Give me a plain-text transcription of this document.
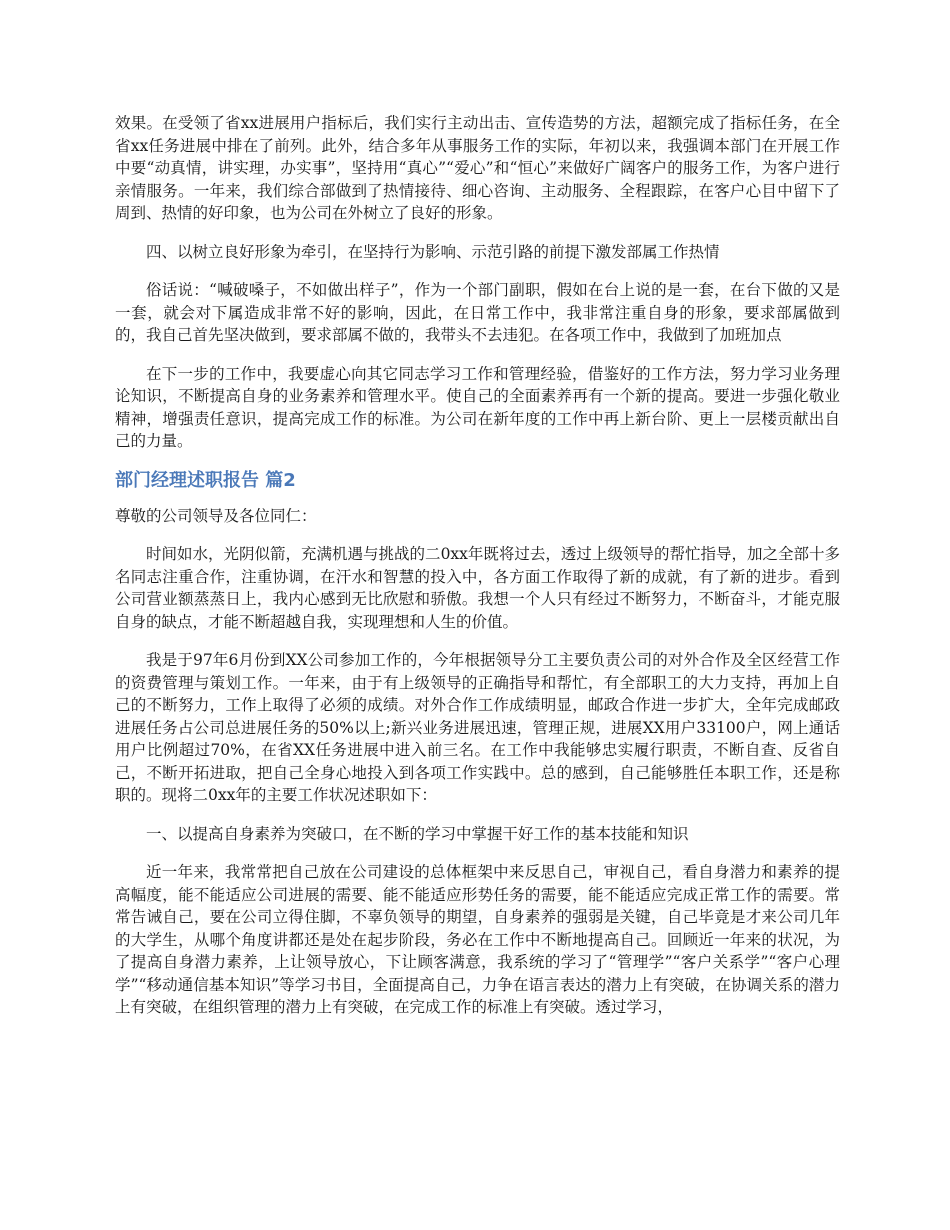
效果。在受领了省xx进展用户指标后，我们实行主动出击、宣传造势的方法，超额完成了指标任务，在全省xx任务进展中排在了前列。此外，结合多年从事服务工作的实际，年初以来，我强调本部门在开展工作中要“动真情，讲实理，办实事”，坚持用“真心”“爱心”和“恒心”来做好广阔客户的服务工作，为客户进行亲情服务。一年来，我们综合部做到了热情接待、细心咨询、主动服务、全程跟踪，在客户心目中留下了周到、热情的好印象，也为公司在外树立了良好的形象。

四、以树立良好形象为牵引，在坚持行为影响、示范引路的前提下激发部属工作热情

俗话说：“喊破嗓子，不如做出样子”，作为一个部门副职，假如在台上说的是一套，在台下做的又是一套，就会对下属造成非常不好的影响，因此，在日常工作中，我非常注重自身的形象，要求部属做到的，我自己首先坚决做到，要求部属不做的，我带头不去违犯。在各项工作中，我做到了加班加点

在下一步的工作中，我要虚心向其它同志学习工作和管理经验，借鉴好的工作方法，努力学习业务理论知识，不断提高自身的业务素养和管理水平。使自己的全面素养再有一个新的提高。要进一步强化敬业精神，增强责任意识，提高完成工作的标准。为公司在新年度的工作中再上新台阶、更上一层楼贡献出自己的力量。

部门经理述职报告 篇2

尊敬的公司领导及各位同仁：

时间如水，光阴似箭，充满机遇与挑战的二0xx年既将过去，透过上级领导的帮忙指导，加之全部十多名同志注重合作，注重协调，在汗水和智慧的投入中，各方面工作取得了新的成就，有了新的进步。看到公司营业额蒸蒸日上，我内心感到无比欣慰和骄傲。我想一个人只有经过不断努力，不断奋斗，才能克服自身的缺点，才能不断超越自我，实现理想和人生的价值。

我是于97年6月份到XX公司参加工作的，今年根据领导分工主要负责公司的对外合作及全区经营工作的资费管理与策划工作。一年来，由于有上级领导的正确指导和帮忙，有全部职工的大力支持，再加上自己的不断努力，工作上取得了必须的成绩。对外合作工作成绩明显，邮政合作进一步扩大，全年完成邮政进展任务占公司总进展任务的50%以上;新兴业务进展迅速，管理正规，进展XX用户33100户，网上通话用户比例超过70%，在省XX任务进展中进入前三名。在工作中我能够忠实履行职责，不断自查、反省自己，不断开拓进取，把自己全身心地投入到各项工作实践中。总的感到，自己能够胜任本职工作，还是称职的。现将二0xx年的主要工作状况述职如下：

一、以提高自身素养为突破口，在不断的学习中掌握干好工作的基本技能和知识

近一年来，我常常把自己放在公司建设的总体框架中来反思自己，审视自己，看自身潜力和素养的提高幅度，能不能适应公司进展的需要、能不能适应形势任务的需要，能不能适应完成正常工作的需要。常常告诫自己，要在公司立得住脚，不辜负领导的期望，自身素养的强弱是关键，自己毕竟是才来公司几年的大学生，从哪个角度讲都还是处在起步阶段，务必在工作中不断地提高自己。回顾近一年来的状况，为了提高自身潜力素养，上让领导放心，下让顾客满意，我系统的学习了“管理学”“客户关系学”“客户心理学”“移动通信基本知识”等学习书目，全面提高自己，力争在语言表达的潜力上有突破，在协调关系的潜力上有突破，在组织管理的潜力上有突破，在完成工作的标准上有突破。透过学习，
